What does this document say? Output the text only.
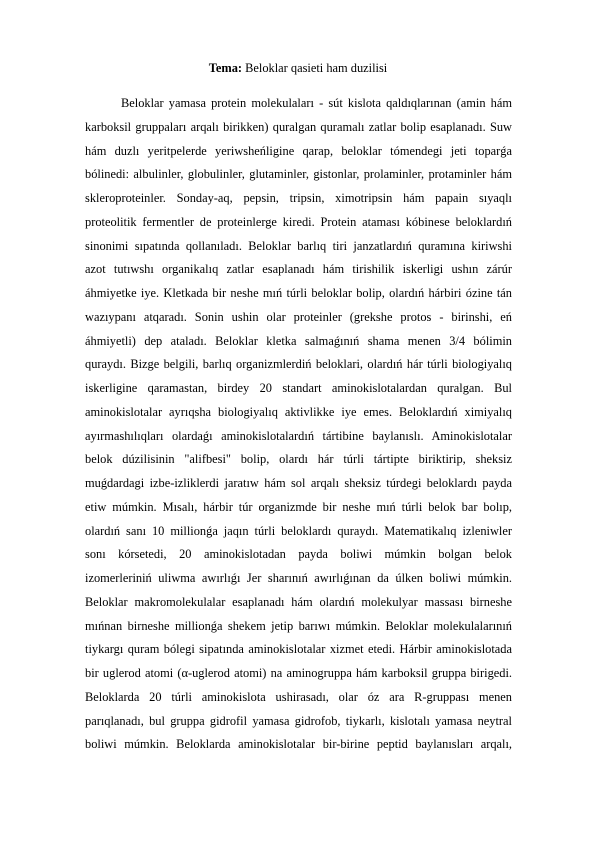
Tema: Beloklar qasieti ham duzilisi

Beloklar yamasa protein molekulaları - sút kislota qaldıqlarınan (amin hám
karboksil gruppaları arqalı birikken) quralgan quramalı zatlar bolip esaplanadı. Suw
hám duzlı yeritpelerde yeriwsheńligine qarap, beloklar tómendegi jeti toparǵa
bólinedi: albulinler, globulinler, glutaminler, gistonlar, prolaminler, protaminler hám
skleroproteinler. Sonday-aq, pepsin, tripsin, ximotripsin hám papain sıyaqlı
proteolitik fermentler de proteinlerge kiredi. Protein ataması kóbinese beloklardıń
sinonimi sıpatında qollanıladı. Beloklar barlıq tiri janzatlardıń quramına kiriwshi
azot tutıwshı organikalıq zatlar esaplanadı hám tirishilik iskerligi ushın zárúr
áhmiyetke iye. Kletkada bir neshe mıń túrli beloklar bolip, olardıń hárbiri ózine tán
wazıypanı atqaradı. Sonin ushin olar proteinler (grekshe protos - birinshi, eń
áhmiyetli) dep ataladı. Beloklar kletka salmaǵınıń shama menen 3/4 bólimin
quraydı. Bizge belgili, barlıq organizmlerdiń beloklari, olardıń hár túrli biologiyalıq
iskerligine qaramastan, birdey 20 standart aminokislotalardan quralgan. Bul
aminokislotalar ayrıqsha biologiyalıq aktivlikke iye emes. Beloklardıń ximiyalıq
ayırmashılıqları olardaǵı aminokislotalardıń tártibine baylanıslı. Aminokislotalar
belok dúzilisinin "alifbesi" bolip, olardı hár túrli tártipte biriktirip, sheksiz
muǵdardagi izbe-izliklerdi jaratıw hám sol arqalı sheksiz túrdegi beloklardı payda
etiw múmkin. Mısalı, hárbir túr organizmde bir neshe mıń túrli belok bar bolıp,
olardıń sanı 10 millionǵa jaqın túrli beloklardı quraydı. Matematikalıq izleniwler
sonı kórsetedi, 20 aminokislotadan payda boliwi múmkin bolgan belok
izomerleriniń uliwma awırlıǵı Jer sharınıń awırlıǵınan da úlken boliwi múmkin.
Beloklar makromolekulalar esaplanadı hám olardıń molekulyar massası birneshe
mıńnan birneshe millionǵa shekem jetip barıwı múmkin. Beloklar molekulalarınıń
tiykargı quram bólegi sipatında aminokislotalar xizmet etedi. Hárbir aminokislotada
bir uglerod atomi (α-uglerod atomi) na aminogruppa hám karboksil gruppa birigedi.
Beloklarda 20 túrli aminokislota ushirasadı, olar óz ara R-gruppası menen
parıqlanadı, bul gruppa gidrofil yamasa gidrofob, tiykarlı, kislotalı yamasa neytral
boliwi múmkin. Beloklarda aminokislotalar bir-birine peptid baylanısları arqalı,
